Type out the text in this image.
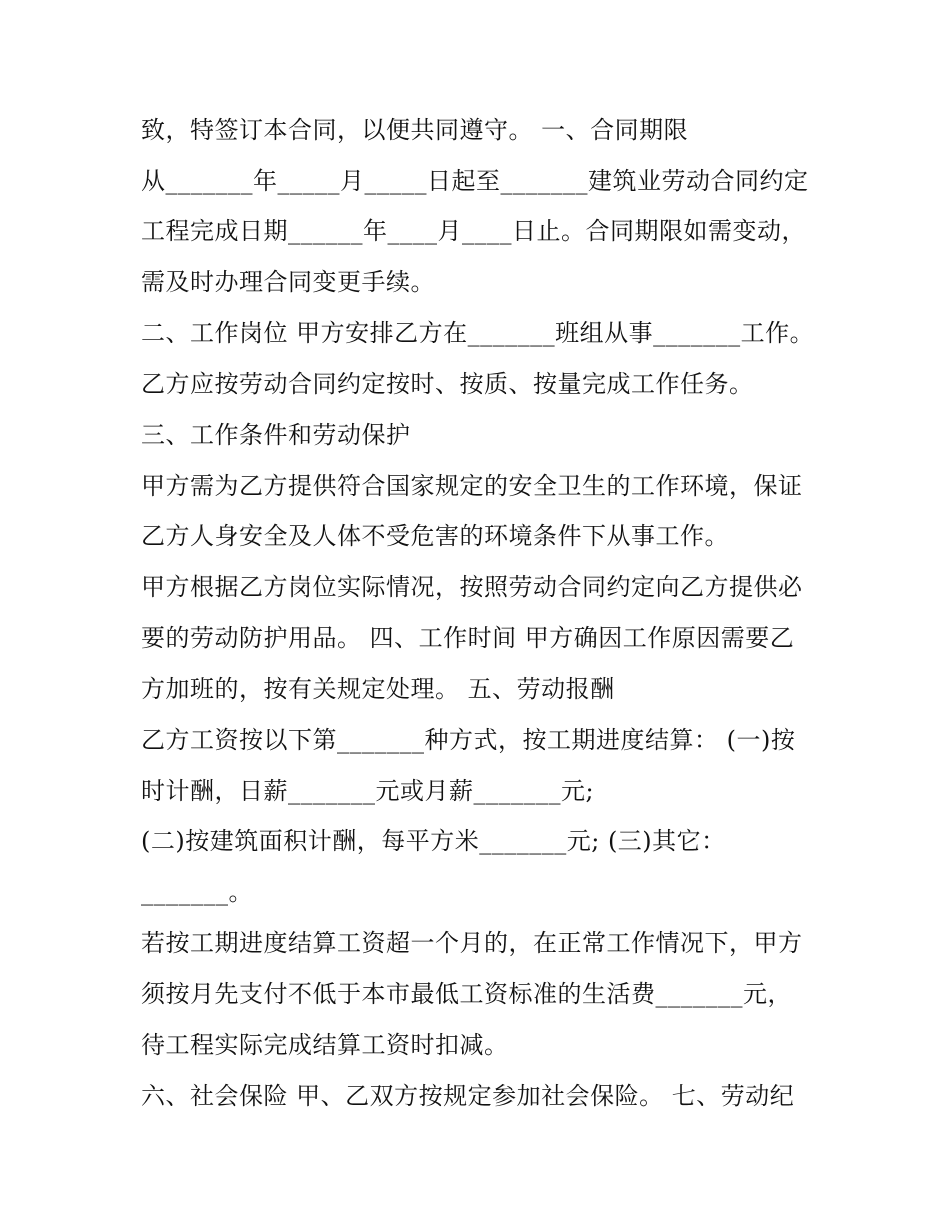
致，特签订本合同，以便共同遵守。 一、合同期限
从_______年_____月_____日起至_______建筑业劳动合同约定
工程完成日期______年____月____日止。合同期限如需变动，
需及时办理合同变更手续。
二、工作岗位 甲方安排乙方在_______班组从事_______工作。
乙方应按劳动合同约定按时、按质、按量完成工作任务。
三、工作条件和劳动保护
甲方需为乙方提供符合国家规定的安全卫生的工作环境，保证
乙方人身安全及人体不受危害的环境条件下从事工作。
甲方根据乙方岗位实际情况，按照劳动合同约定向乙方提供必
要的劳动防护用品。 四、工作时间 甲方确因工作原因需要乙
方加班的，按有关规定处理。 五、劳动报酬
乙方工资按以下第_______种方式，按工期进度结算： (一)按
时计酬，日薪_______元或月薪_______元;
(二)按建筑面积计酬，每平方米_______元; (三)其它：
_______。
若按工期进度结算工资超一个月的，在正常工作情况下，甲方
须按月先支付不低于本市最低工资标准的生活费_______元，
待工程实际完成结算工资时扣减。
六、社会保险 甲、乙双方按规定参加社会保险。 七、劳动纪
